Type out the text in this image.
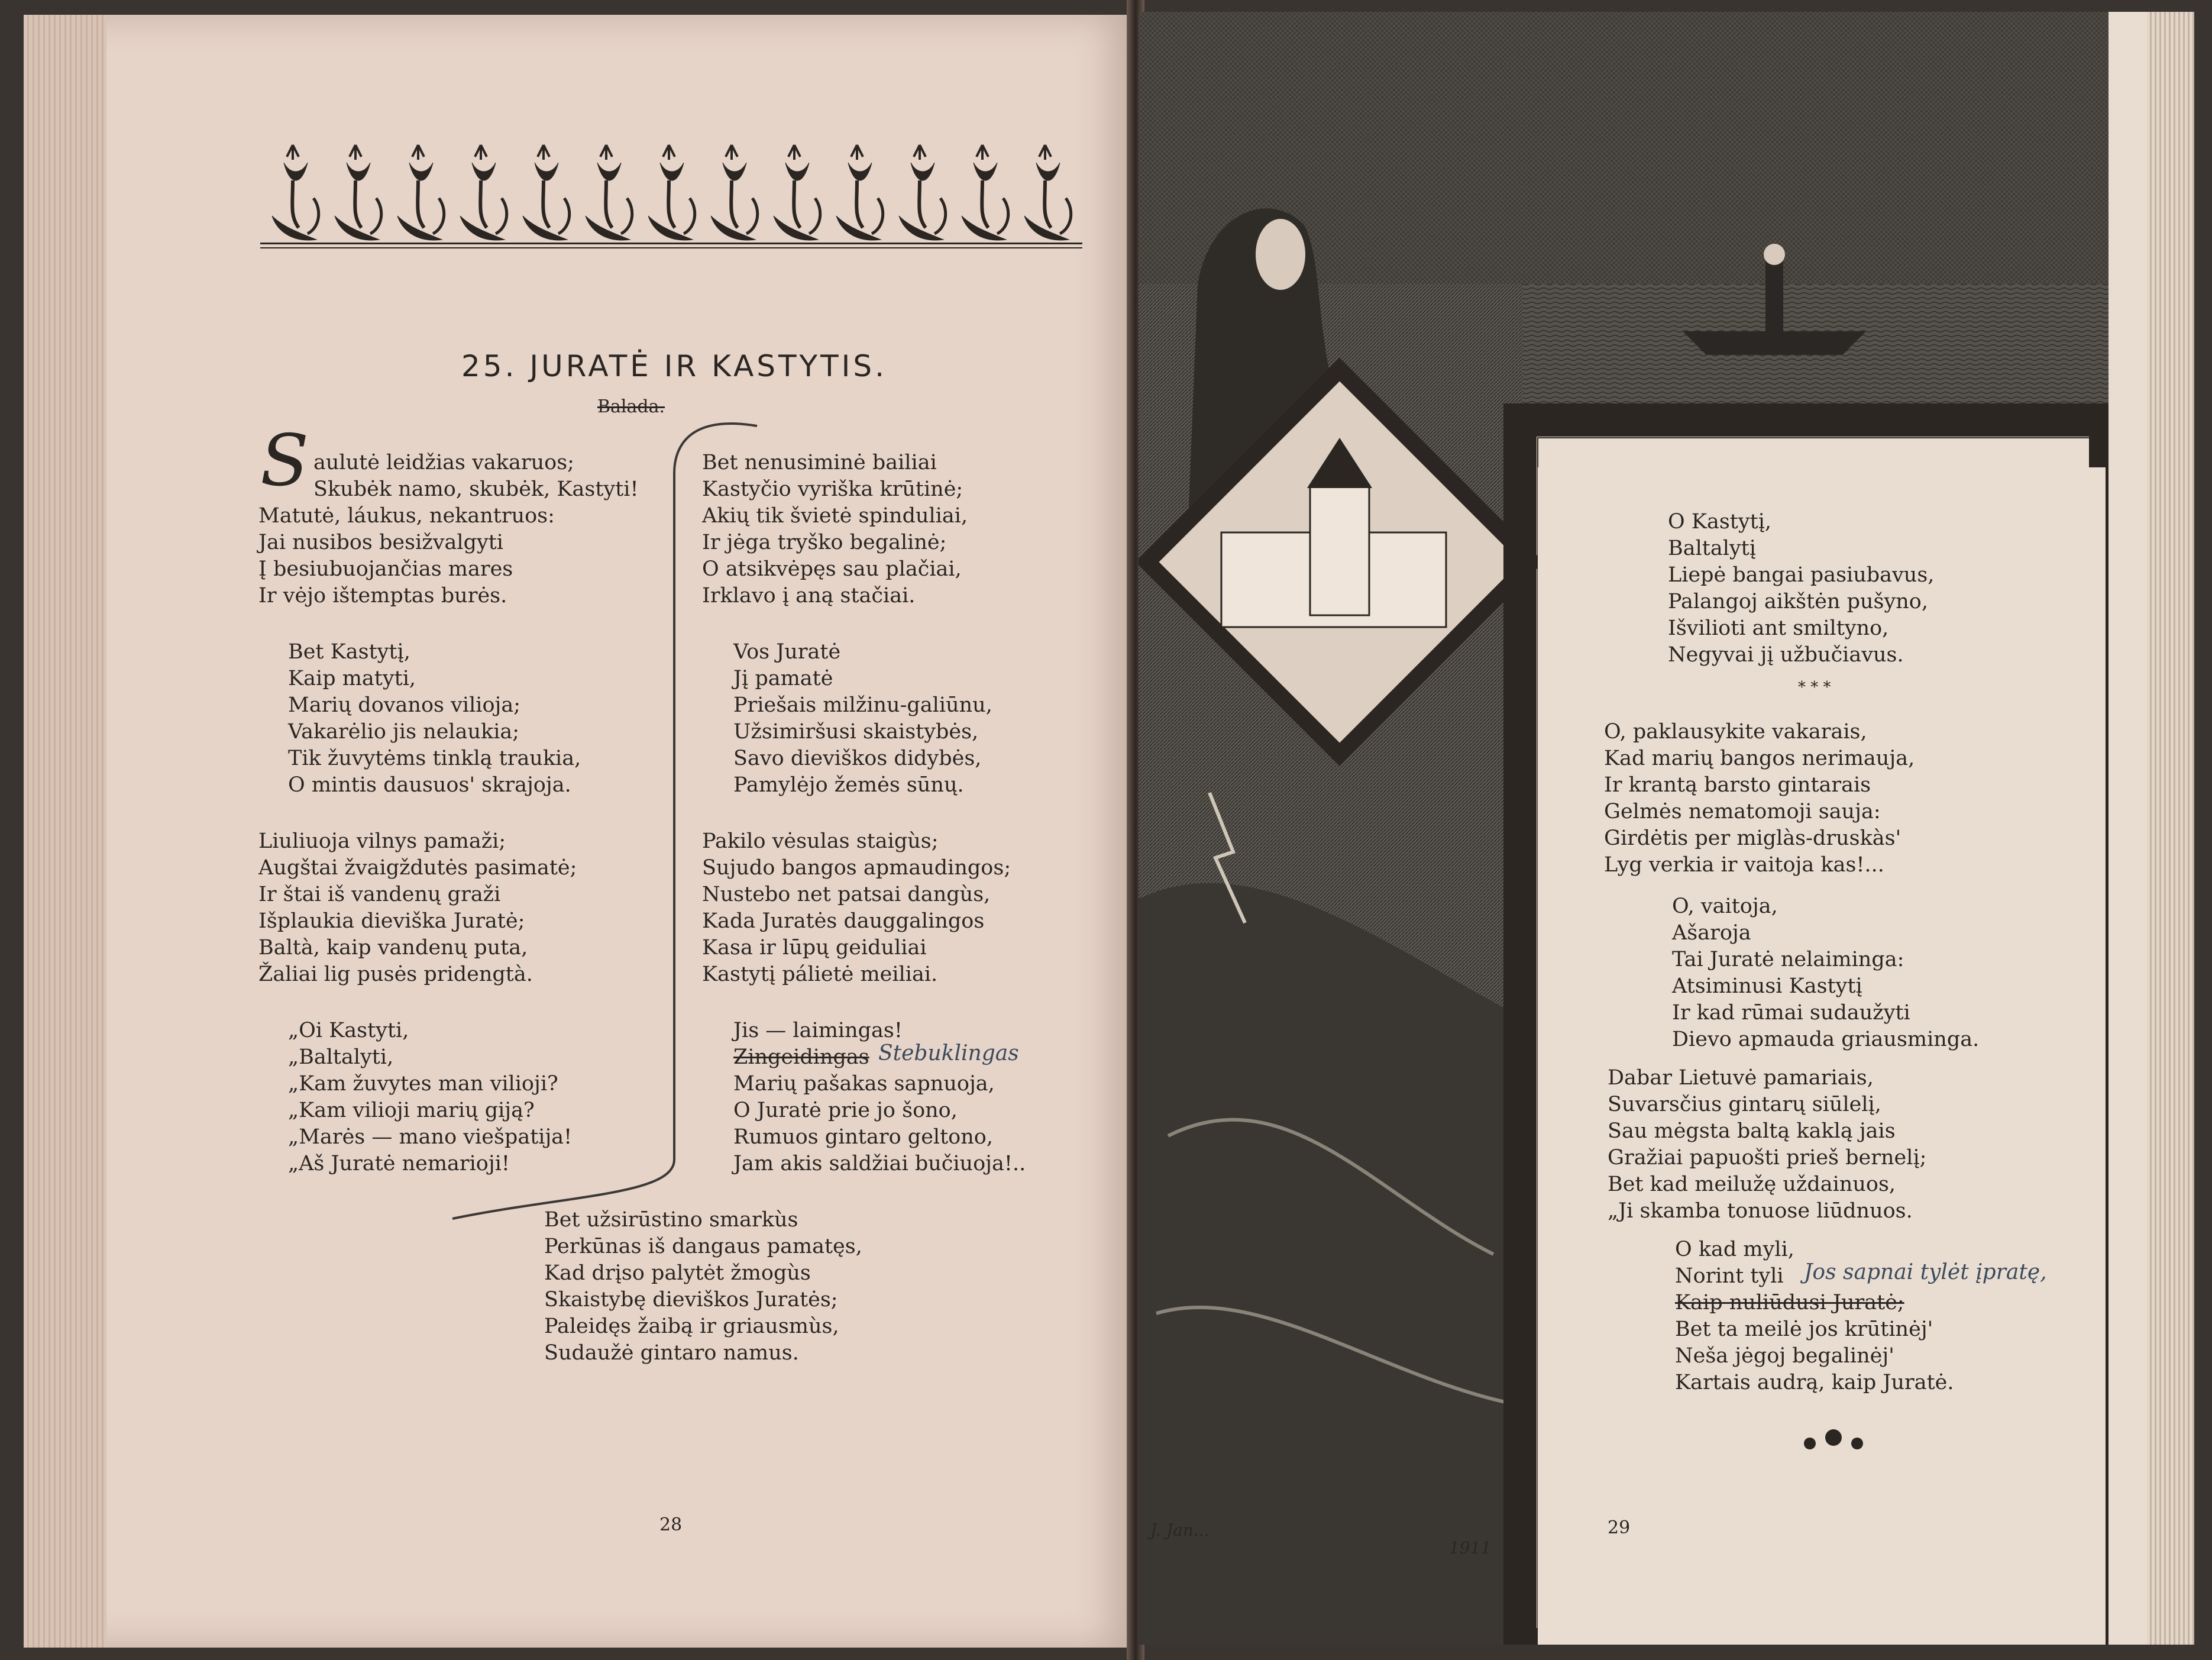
25. JURATĖ IR KASTYTIS.
Balada.
S aulutė leidžias vakaruos;
Skubėk namo, skubėk, Kastyti!
Matutė, láukus, nekantruos:
Jai nusibos besižvalgyti
Į besiubuojančias mares
Ir vėjo ištemptas burės.
Bet Kastytį,
Kaip matyti,
Marių dovanos vilioja;
Vakarėlio jis nelaukia;
Tik žuvytėms tinklą traukia,
O mintis dausuos' skrajoja.
Liuliuoja vilnys pamaži;
Augštai žvaigždutės pasimatė;
Ir štai iš vandenų graži
Išplaukia dieviška Juratė;
Baltà, kaip vandenų puta,
Žaliai lig pusės pridengtà.
„Oi Kastyti,
„Baltalyti,
„Kam žuvytes man vilioji?
„Kam vilioji marių giją?
„Marės — mano viešpatija!
„Aš Juratė nemarioji!
Bet nenusiminė bailiai
Kastyčio vyriška krūtinė;
Akių tik švietė spinduliai,
Ir jėga tryško begalinė;
O atsikvėpęs sau plačiai,
Irklavo į aną stačiai.
Vos Juratė
Jį pamatė
Priešais milžinu-galiūnu,
Užsimiršusi skaistybės,
Savo dieviškos didybės,
Pamylėjo žemės sūnų.
Pakilo vėsulas staigùs;
Sujudo bangos apmaudingos;
Nustebo net patsai dangùs,
Kada Juratės dauggalingos
Kasa ir lūpų geiduliai
Kastytį pálietė meiliai.
Jis — laimingas!
Zingeidingas Stebuklingas
Marių pašakas sapnuoja,
O Juratė prie jo šono,
Rumuos gintaro geltono,
Jam akis saldžiai bučiuoja!..
Bet užsirūstino smarkùs
Perkūnas iš dangaus pamatęs,
Kad drįso palytėt žmogùs
Skaistybę dieviškos Juratės;
Paleidęs žaibą ir griausmùs,
Sudaužė gintaro namus.
28
O Kastytį,
Baltalytį
Liepė bangai pasiubavus,
Palangoj aikštėn pušyno,
Išvilioti ant smiltyno,
Negyvai jį užbučiavus.
* * *
O, paklausykite vakarais,
Kad marių bangos nerimauja,
Ir krantą barsto gintarais
Gelmės nematomoji sauja:
Girdėtis per miglàs-druskàs'
Lyg verkia ir vaitoja kas!...
O, vaitoja,
Ašaroja
Tai Juratė nelaiminga:
Atsiminusi Kastytį
Ir kad rūmai sudaužyti
Dievo apmauda griausminga.
Dabar Lietuvė pamariais,
Suvarsčius gintarų siūlelį,
Sau mėgsta baltą kaklą jais
Gražiai papuošti prieš bernelį;
Bet kad meilužę uždainuos,
„Ji skamba tonuose liūdnuos.
O kad myli,
Norint tyli
Kaip nuliūdusi Juratė;
Bet ta meilė jos krūtinėj'
Neša jėgoj begalinėj'
Kartais audrą, kaip Juratė.
Jos sapnai tylėt įpratę,
J. Jan...
1911
29
